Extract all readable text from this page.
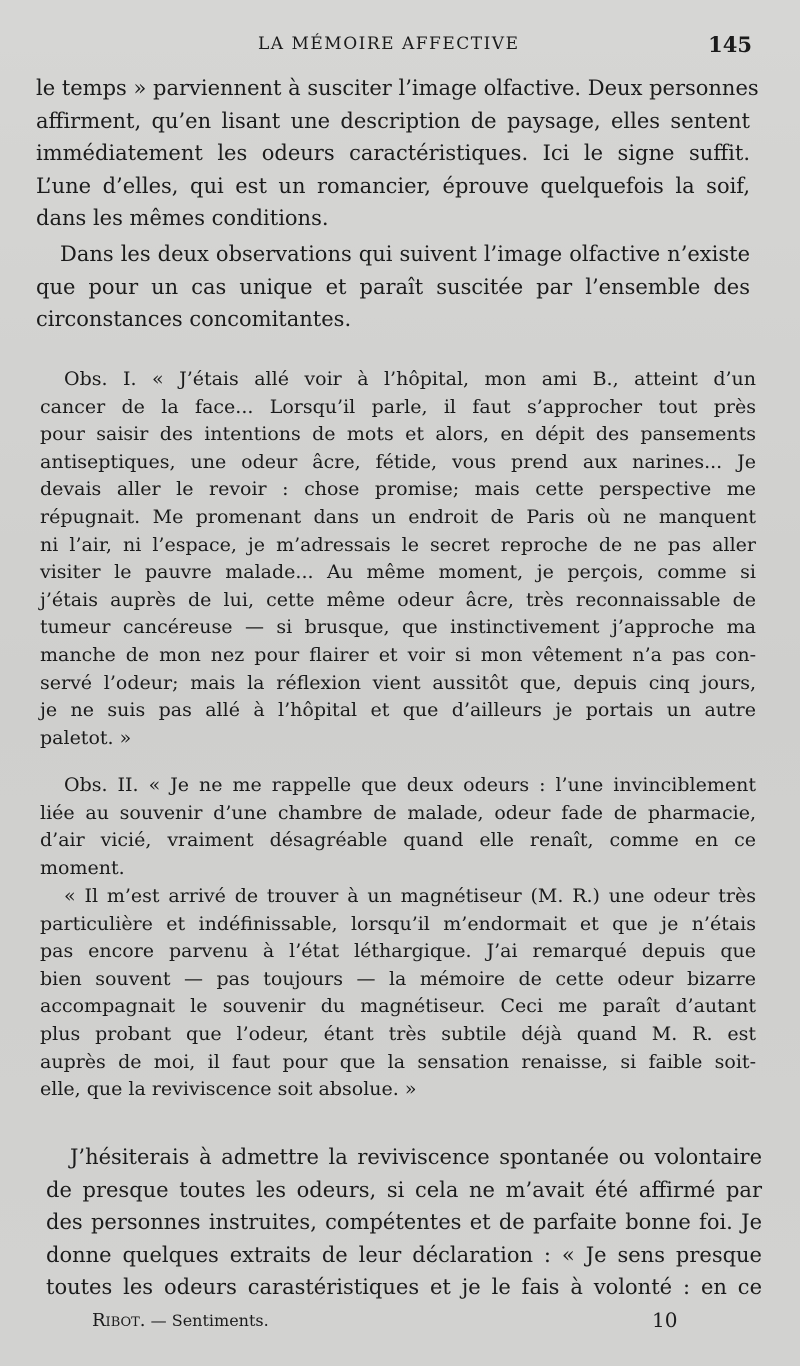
LA MÉMOIRE AFFECTIVE	145

le temps » parviennent à susciter l’image olfactive. Deux personnes
affirment, qu’en lisant une description de paysage, elles sentent
immédiatement les odeurs caractéristiques. Ici le signe suffit.
L’une d’elles, qui est un romancier, éprouve quelquefois la soif,
dans les mêmes conditions.

Dans les deux observations qui suivent l’image olfactive n’existe
que pour un cas unique et paraît suscitée par l’ensemble des
circonstances concomitantes.

Obs. I. « J’étais allé voir à l’hôpital, mon ami B., atteint d’un
cancer de la face... Lorsqu’il parle, il faut s’approcher tout près
pour saisir des intentions de mots et alors, en dépit des pansements
antiseptiques, une odeur âcre, fétide, vous prend aux narines... Je
devais aller le revoir : chose promise; mais cette perspective me
répugnait. Me promenant dans un endroit de Paris où ne manquent
ni l’air, ni l’espace, je m’adressais le secret reproche de ne pas aller
visiter le pauvre malade... Au même moment, je perçois, comme si
j’étais auprès de lui, cette même odeur âcre, très reconnaissable de
tumeur cancéreuse — si brusque, que instinctivement j’approche ma
manche de mon nez pour flairer et voir si mon vêtement n’a pas con-
servé l’odeur; mais la réflexion vient aussitôt que, depuis cinq jours,
je ne suis pas allé à l’hôpital et que d’ailleurs je portais un autre
paletot. »

Obs. II. « Je ne me rappelle que deux odeurs : l’une invinciblement
liée au souvenir d’une chambre de malade, odeur fade de pharmacie,
d’air vicié, vraiment désagréable quand elle renaît, comme en ce
moment.

« Il m’est arrivé de trouver à un magnétiseur (M. R.) une odeur très
particulière et indéfinissable, lorsqu’il m’endormait et que je n’étais
pas encore parvenu à l’état léthargique. J’ai remarqué depuis que
bien souvent — pas toujours — la mémoire de cette odeur bizarre
accompagnait le souvenir du magnétiseur. Ceci me paraît d’autant
plus probant que l’odeur, étant très subtile déjà quand M. R. est
auprès de moi, il faut pour que la sensation renaisse, si faible soit-
elle, que la reviviscence soit absolue. »

J’hésiterais à admettre la reviviscence spontanée ou volontaire
de presque toutes les odeurs, si cela ne m’avait été affirmé par
des personnes instruites, compétentes et de parfaite bonne foi. Je
donne quelques extraits de leur déclaration : « Je sens presque
toutes les odeurs carastéristiques et je le fais à volonté : en ce

Ribot. — Sentiments.	10
